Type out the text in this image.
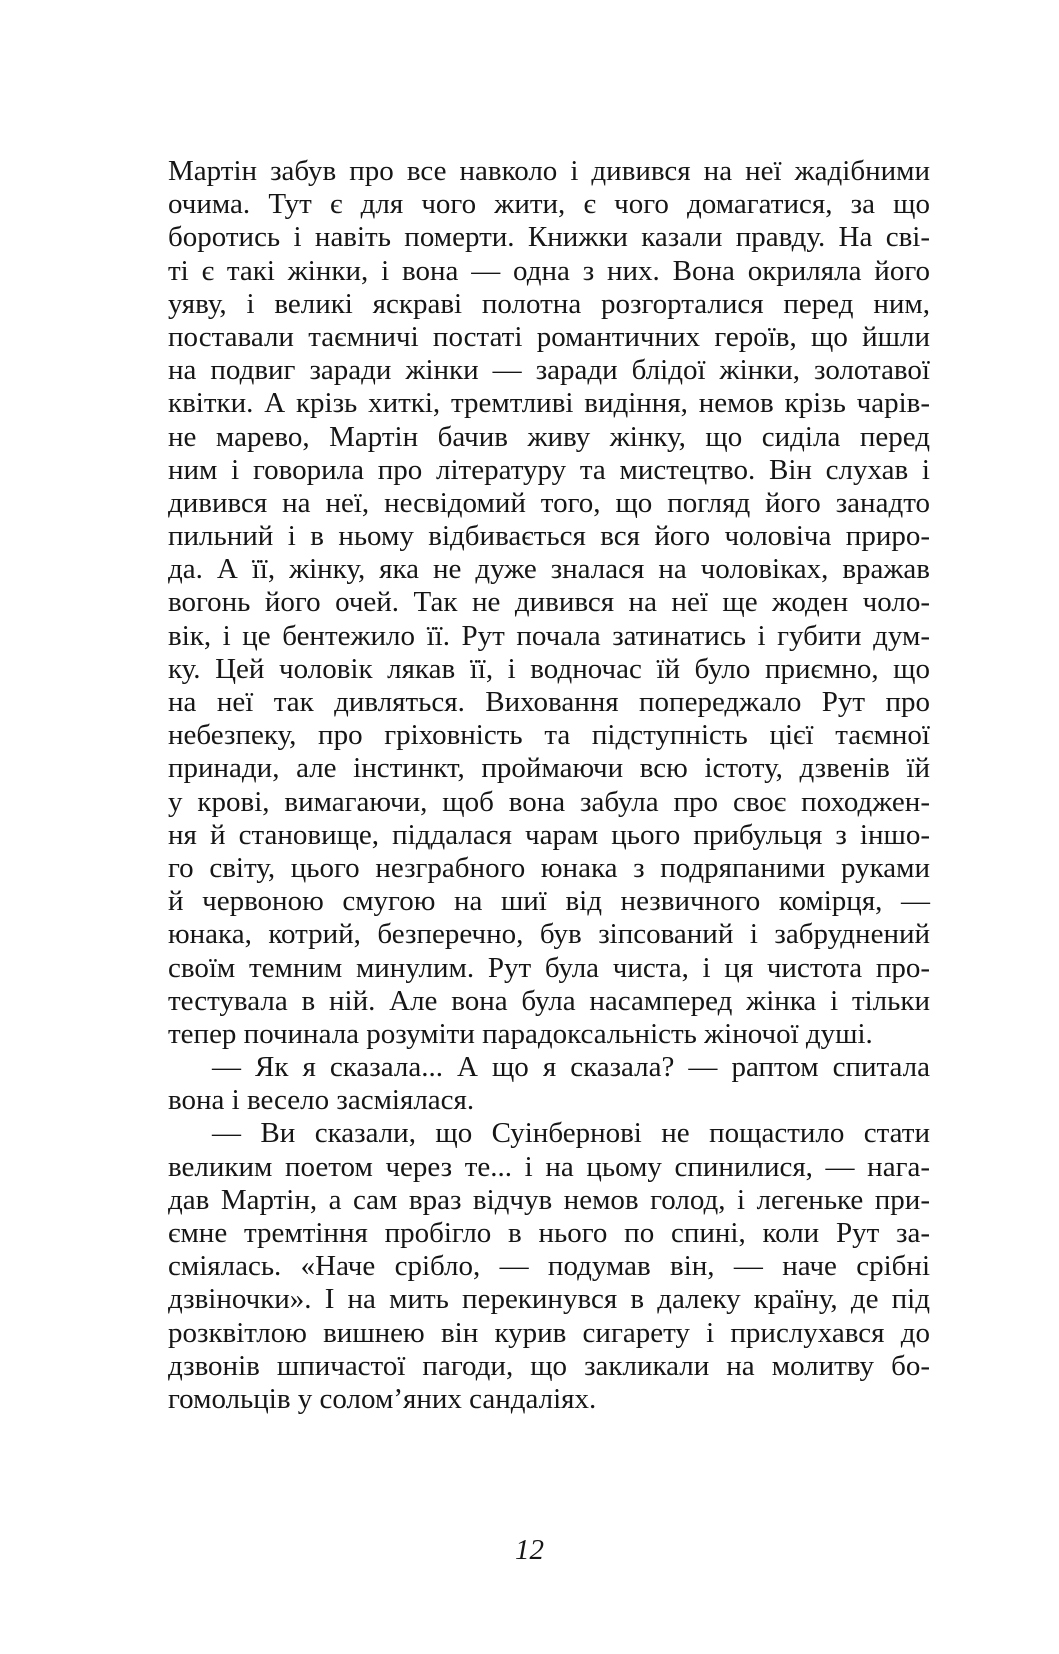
Мартін забув про все навколо і дивився на неї жадібними
очима. Тут є для чого жити, є чого домагатися, за що
боротись і навіть померти. Книжки казали правду. На сві-
ті є такі жінки, і вона — одна з них. Вона окриляла його
уяву, і великі яскраві полотна розгорталися перед ним,
поставали таємничі постаті романтичних героїв, що йшли
на подвиг заради жінки — заради блідої жінки, золотавої
квітки. А крізь хиткі, тремтливі видіння, немов крізь чарів-
не марево, Мартін бачив живу жінку, що сиділа перед
ним і говорила про літературу та мистецтво. Він слухав і
дивився на неї, несвідомий того, що погляд його занадто
пильний і в ньому відбивається вся його чоловіча приро-
да. А її, жінку, яка не дуже зналася на чоловіках, вражав
вогонь його очей. Так не дивився на неї ще жоден чоло-
вік, і це бентежило її. Рут почала затинатись і губити дум-
ку. Цей чоловік лякав її, і водночас їй було приємно, що
на неї так дивляться. Виховання попереджало Рут про
небезпеку, про гріховність та підступність цієї таємної
принади, але інстинкт, проймаючи всю істоту, дзвенів їй
у крові, вимагаючи, щоб вона забула про своє походжен-
ня й становище, піддалася чарам цього прибульця з іншо-
го світу, цього незграбного юнака з подряпаними руками
й червоною смугою на шиї від незвичного комірця, —
юнака, котрий, безперечно, був зіпсований і забруднений
своїм темним минулим. Рут була чиста, і ця чистота про-
тестувала в ній. Але вона була насамперед жінка і тільки
тепер починала розуміти парадоксальність жіночої душі.
— Як я сказала... А що я сказала? — раптом спитала
вона і весело засміялася.
— Ви сказали, що Суінбернові не пощастило стати
великим поетом через те... і на цьому спинилися, — нага-
дав Мартін, а сам враз відчув немов голод, і легеньке при-
ємне тремтіння пробігло в нього по спині, коли Рут за-
сміялась. «Наче срібло, — подумав він, — наче срібні
дзвіночки». І на мить перекинувся в далеку країну, де під
розквітлою вишнею він курив сигарету і прислухався до
дзвонів шпичастої пагоди, що закликали на молитву бо-
гомольців у солом’яних сандаліях.
12
